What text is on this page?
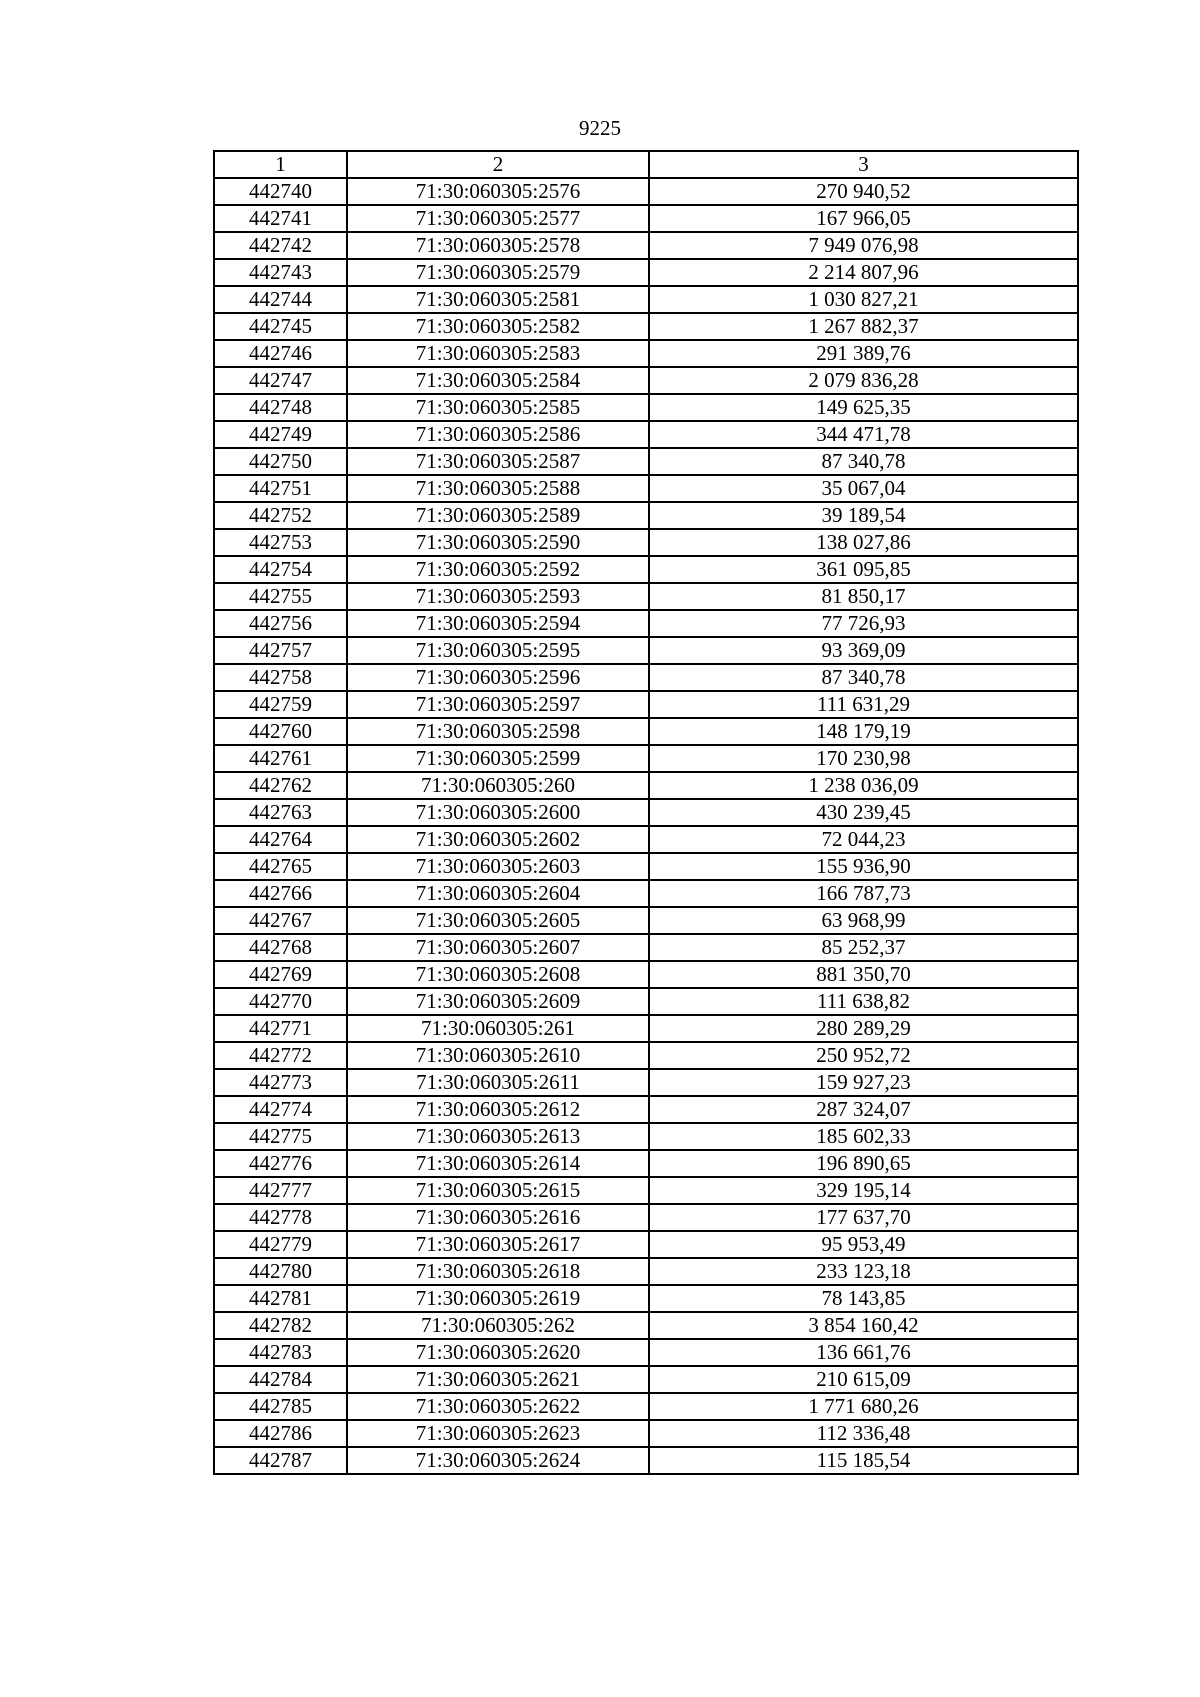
9225
1	2	3
442740	71:30:060305:2576	270 940,52
442741	71:30:060305:2577	167 966,05
442742	71:30:060305:2578	7 949 076,98
442743	71:30:060305:2579	2 214 807,96
442744	71:30:060305:2581	1 030 827,21
442745	71:30:060305:2582	1 267 882,37
442746	71:30:060305:2583	291 389,76
442747	71:30:060305:2584	2 079 836,28
442748	71:30:060305:2585	149 625,35
442749	71:30:060305:2586	344 471,78
442750	71:30:060305:2587	87 340,78
442751	71:30:060305:2588	35 067,04
442752	71:30:060305:2589	39 189,54
442753	71:30:060305:2590	138 027,86
442754	71:30:060305:2592	361 095,85
442755	71:30:060305:2593	81 850,17
442756	71:30:060305:2594	77 726,93
442757	71:30:060305:2595	93 369,09
442758	71:30:060305:2596	87 340,78
442759	71:30:060305:2597	111 631,29
442760	71:30:060305:2598	148 179,19
442761	71:30:060305:2599	170 230,98
442762	71:30:060305:260	1 238 036,09
442763	71:30:060305:2600	430 239,45
442764	71:30:060305:2602	72 044,23
442765	71:30:060305:2603	155 936,90
442766	71:30:060305:2604	166 787,73
442767	71:30:060305:2605	63 968,99
442768	71:30:060305:2607	85 252,37
442769	71:30:060305:2608	881 350,70
442770	71:30:060305:2609	111 638,82
442771	71:30:060305:261	280 289,29
442772	71:30:060305:2610	250 952,72
442773	71:30:060305:2611	159 927,23
442774	71:30:060305:2612	287 324,07
442775	71:30:060305:2613	185 602,33
442776	71:30:060305:2614	196 890,65
442777	71:30:060305:2615	329 195,14
442778	71:30:060305:2616	177 637,70
442779	71:30:060305:2617	95 953,49
442780	71:30:060305:2618	233 123,18
442781	71:30:060305:2619	78 143,85
442782	71:30:060305:262	3 854 160,42
442783	71:30:060305:2620	136 661,76
442784	71:30:060305:2621	210 615,09
442785	71:30:060305:2622	1 771 680,26
442786	71:30:060305:2623	112 336,48
442787	71:30:060305:2624	115 185,54
